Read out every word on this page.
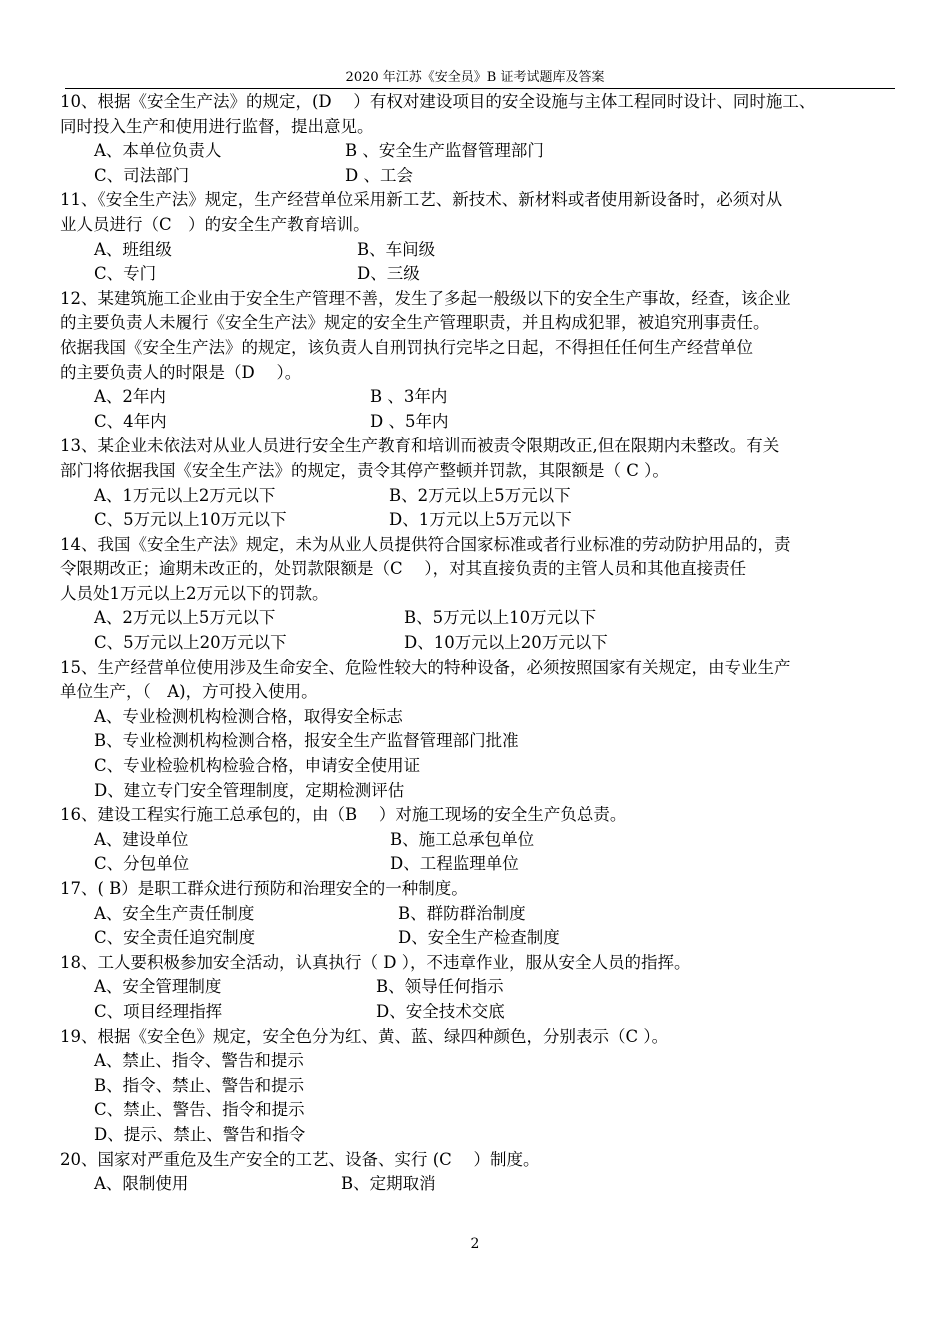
2020 年江苏《安全员》B 证考试题库及答案
10、根据《安全生产法》的规定，(D　 ）有权对建设项目的安全设施与主体工程同时设计、同时施工、
同时投入生产和使用进行监督，提出意见。
A、本单位负责人	B 、安全生产监督管理部门
C、司法部门	D 、工会
11、《安全生产法》规定，生产经营单位采用新工艺、新技术、新材料或者使用新设备时，必须对从
业人员进行（C　）的安全生产教育培训。
A、班组级	B、车间级
C、专门	D、三级
12、某建筑施工企业由于安全生产管理不善，发生了多起一般级以下的安全生产事故，经查，该企业
的主要负责人未履行《安全生产法》规定的安全生产管理职责，并且构成犯罪，被追究刑事责任。
依据我国《安全生产法》的规定，该负责人自刑罚执行完毕之日起，不得担任任何生产经营单位
的主要负责人的时限是（D　 ）。
A、2年内	B 、3年内
C、4年内	D 、5年内
13、某企业未依法对从业人员进行安全生产教育和培训而被责令限期改正,但在限期内未整改。有关
部门将依据我国《安全生产法》的规定，责令其停产整顿并罚款，其限额是（ C ）。
A、1万元以上2万元以下	B、2万元以上5万元以下
C、5万元以上10万元以下	D、1万元以上5万元以下
14、我国《安全生产法》规定，未为从业人员提供符合国家标准或者行业标准的劳动防护用品的，责
令限期改正；逾期未改正的，处罚款限额是（C　 ），对其直接负责的主管人员和其他直接责任
人员处1万元以上2万元以下的罚款。
A、2万元以上5万元以下	B、5万元以上10万元以下
C、5万元以上20万元以下	D、10万元以上20万元以下
15、生产经营单位使用涉及生命安全、危险性较大的特种设备，必须按照国家有关规定，由专业生产
单位生产，（　A)，方可投入使用。
A、专业检测机构检测合格，取得安全标志
B、专业检测机构检测合格，报安全生产监督管理部门批准
C、专业检验机构检验合格，申请安全使用证
D、建立专门安全管理制度，定期检测评估
16、建设工程实行施工总承包的，由（B　 ）对施工现场的安全生产负总责。
A、建设单位	B、施工总承包单位
C、分包单位	D、工程监理单位
17、( B）是职工群众进行预防和治理安全的一种制度。
A、安全生产责任制度	B、群防群治制度
C、安全责任追究制度	D、安全生产检查制度
18、工人要积极参加安全活动，认真执行（ D ），不违章作业，服从安全人员的指挥。
A、安全管理制度	B、领导任何指示
C、项目经理指挥	D、安全技术交底
19、根据《安全色》规定，安全色分为红、黄、蓝、绿四种颜色，分别表示（C ）。
A、禁止、指令、警告和提示
B、指令、禁止、警告和提示
C、禁止、警告、指令和提示
D、提示、禁止、警告和指令
20、国家对严重危及生产安全的工艺、设备、实行 (C　 ）制度。
A、限制使用	B、定期取消
2
